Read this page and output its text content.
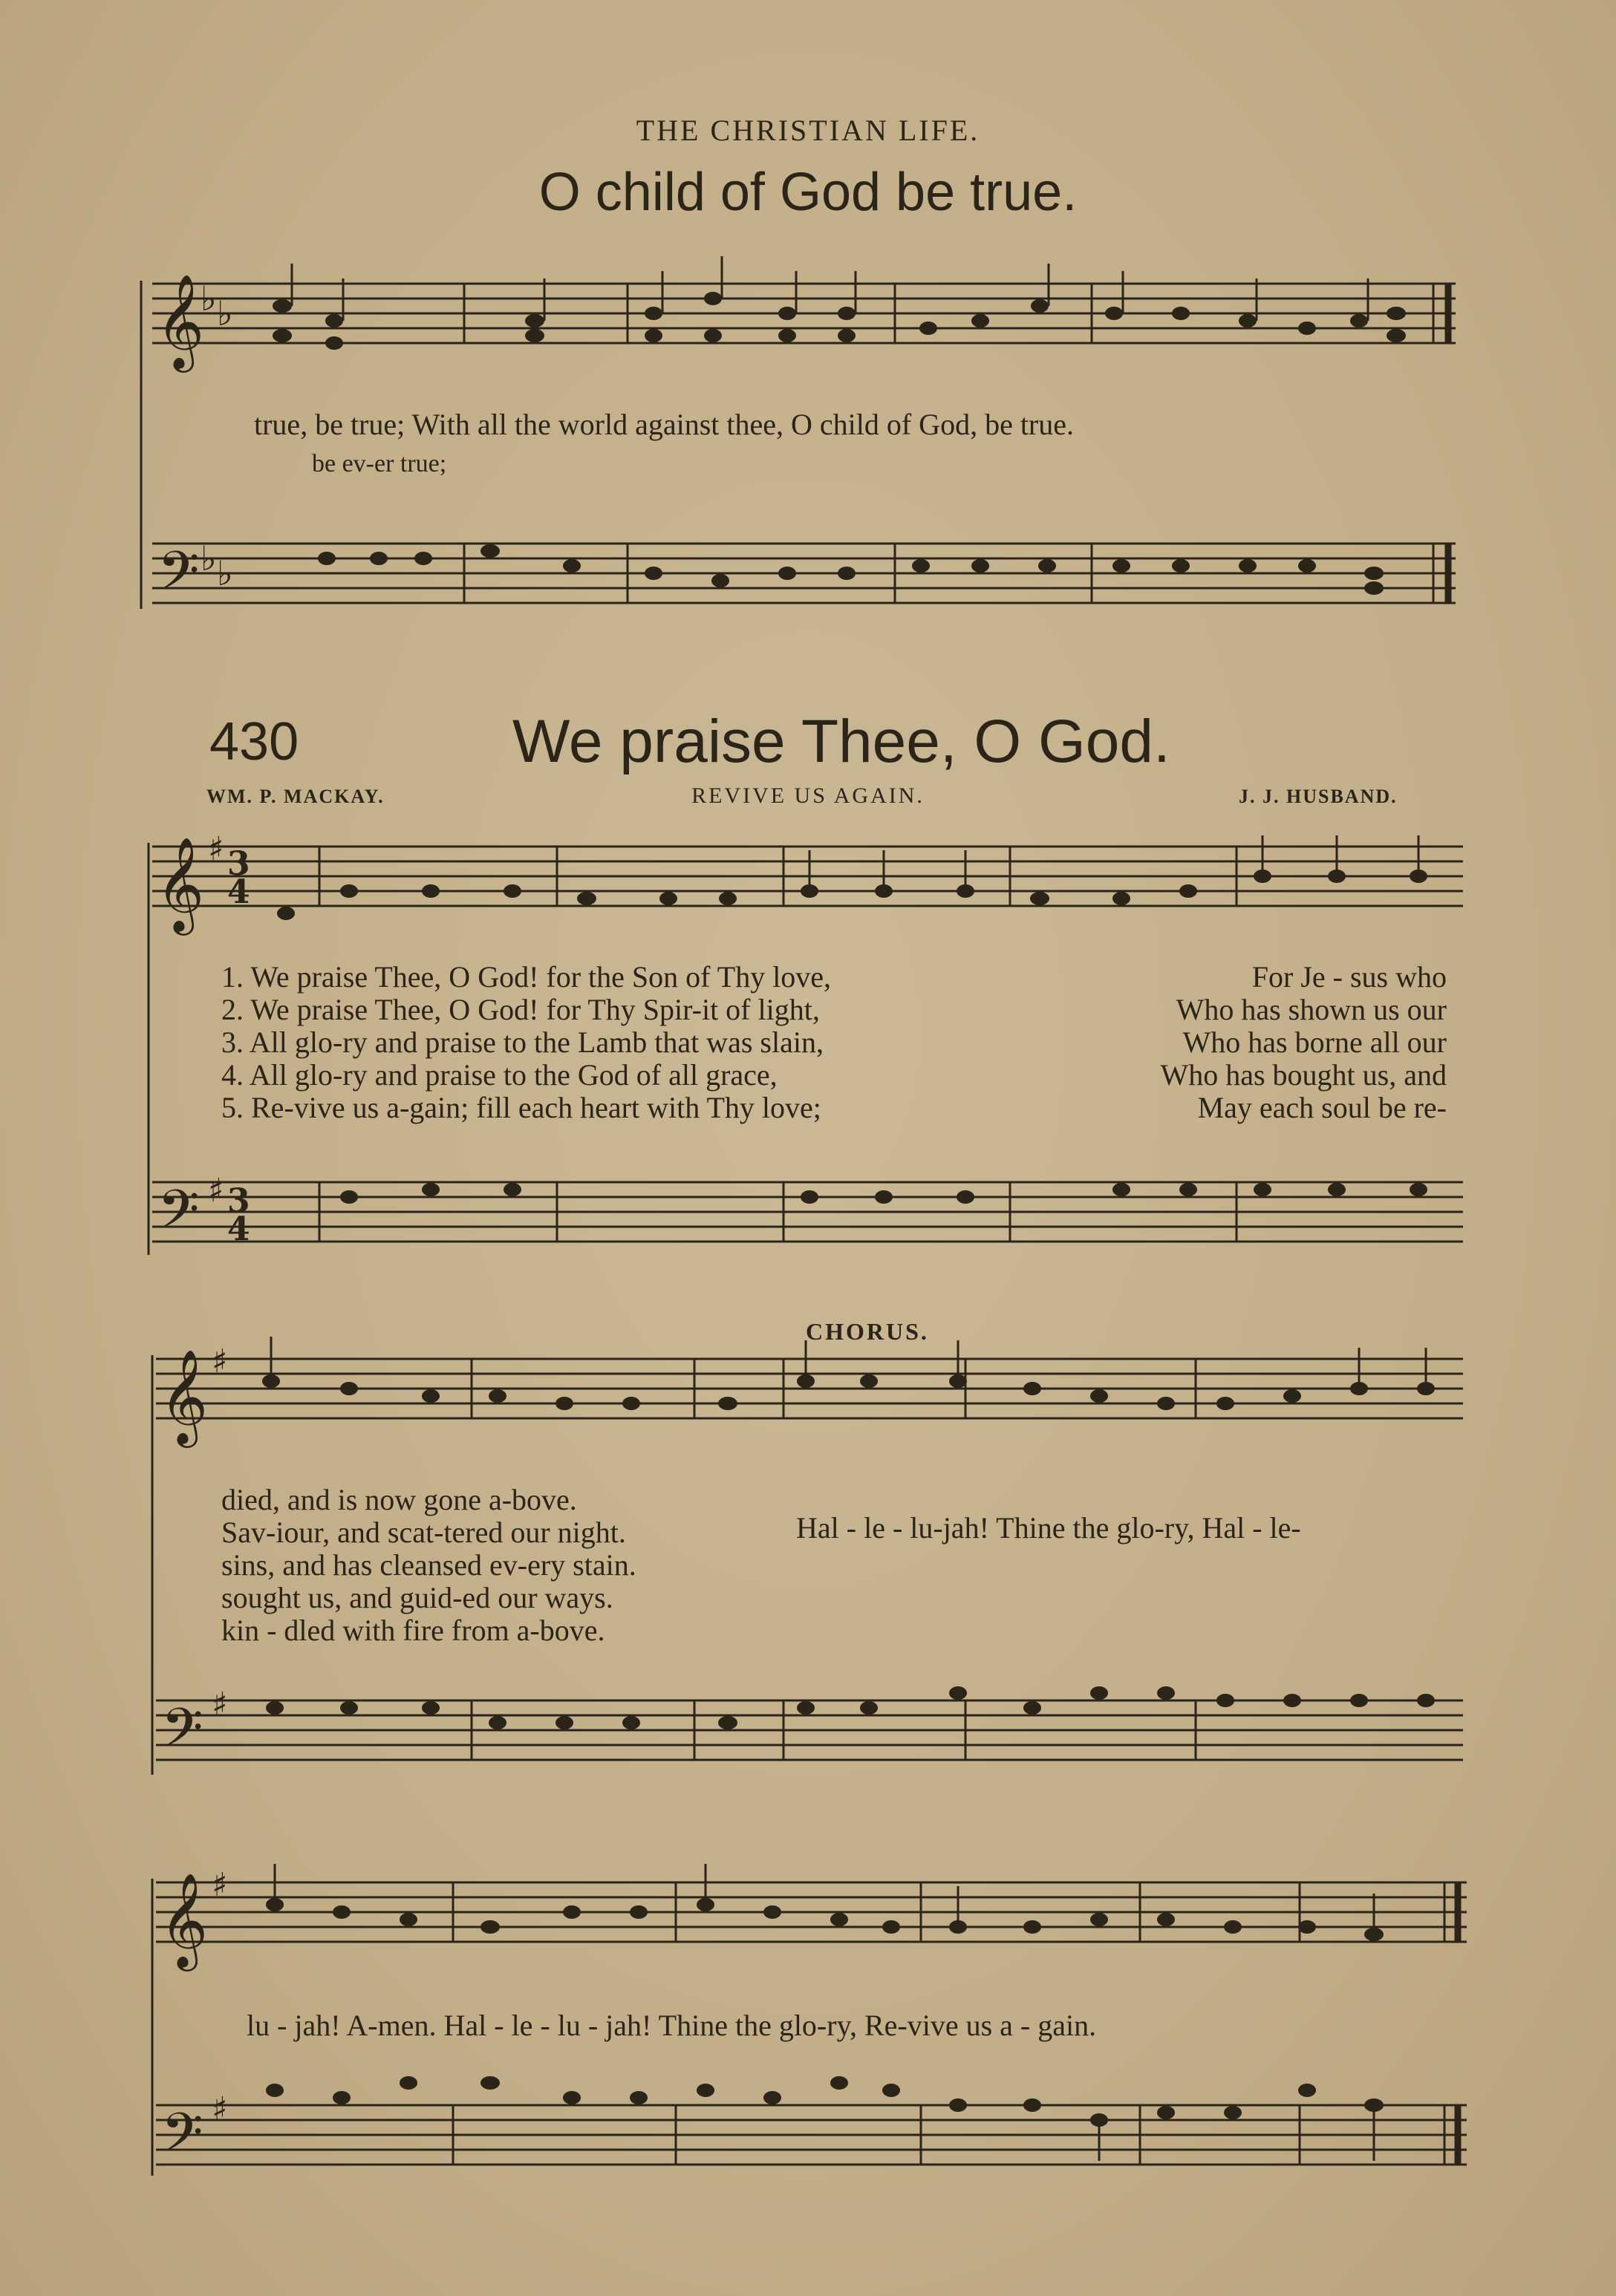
𝄞
𝄢
♭ ♭
♭ ♭
𝄞
𝄢
♯
♯
3
4
3
4
𝄞
𝄢
♯
♯
𝄞
𝄢
♯
♯
THE CHRISTIAN LIFE.
O child of God be true.
true, be true; With all the world against thee, O child of God, be true.
be ev-er true;
430	We praise Thee, O God.
WM. P. MACKAY.	REVIVE US AGAIN.	J. J. HUSBAND.
1. We praise Thee, O God! for the Son of Thy love,	For Je - sus who
2. We praise Thee, O God! for Thy Spir-it of light,	Who has shown us our
3. All glo-ry and praise to the Lamb that was slain,	Who has borne all our
4. All glo-ry and praise to the God of all grace,	Who has bought us, and
5. Re-vive us a-gain; fill each heart with Thy love;	May each soul be re-
CHORUS.
died, and is now gone a-bove.
Sav-iour, and scat-tered our night.
sins, and has cleansed ev-ery stain.
sought us, and guid-ed our ways.
kin - dled with fire from a-bove.
Hal - le - lu-jah! Thine the glo-ry, Hal - le-
lu - jah! A-men. Hal - le - lu - jah! Thine the glo-ry, Re-vive us a - gain.
